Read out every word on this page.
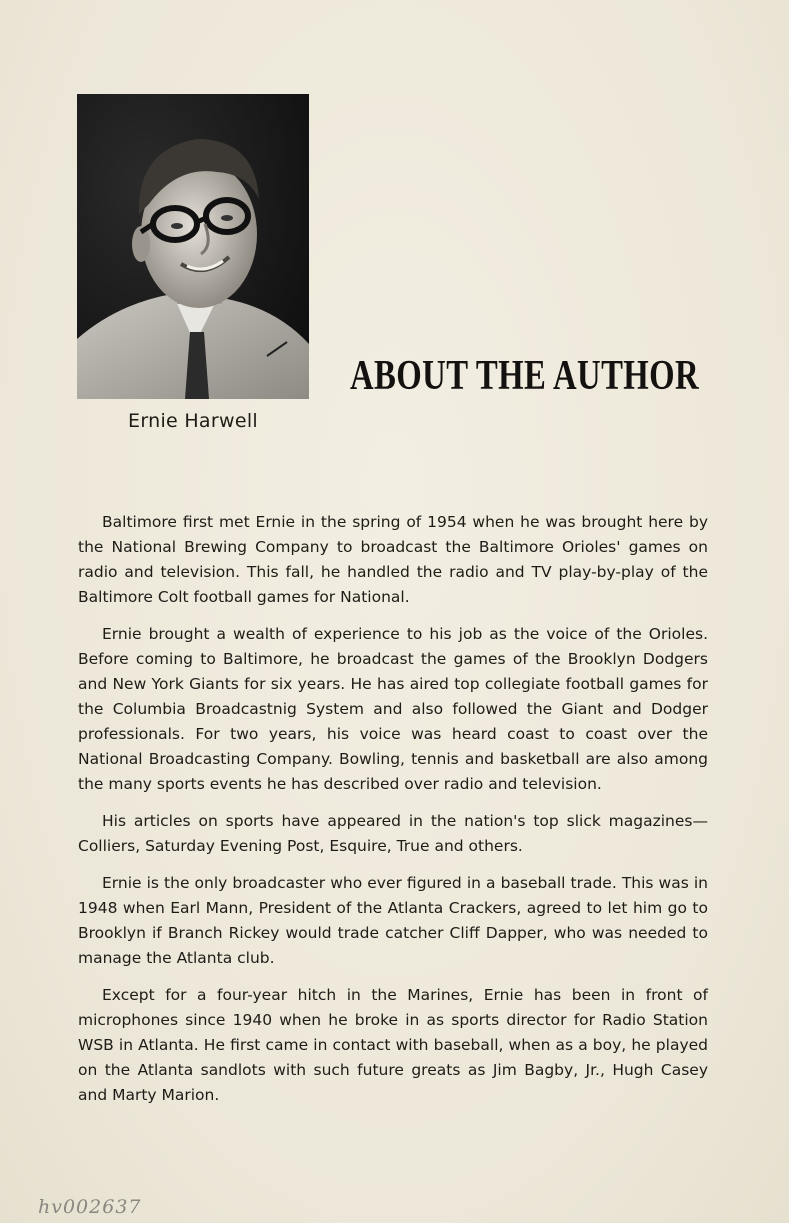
Ernie Harwell
ABOUT THE AUTHOR

Baltimore first met Ernie in the spring of 1954 when he was brought here by the National Brewing Company to broadcast the Baltimore Orioles' games on radio and television. This fall, he handled the radio and TV play-by-play of the Baltimore Colt football games for National.

Ernie brought a wealth of experience to his job as the voice of the Orioles. Before coming to Baltimore, he broadcast the games of the Brooklyn Dodgers and New York Giants for six years. He has aired top collegiate football games for the Columbia Broadcastnig System and also followed the Giant and Dodger professionals. For two years, his voice was heard coast to coast over the National Broadcasting Company. Bowling, tennis and basketball are also among the many sports events he has described over radio and television.

His articles on sports have appeared in the nation's top slick magazines—Colliers, Saturday Evening Post, Esquire, True and others.

Ernie is the only broadcaster who ever figured in a baseball trade. This was in 1948 when Earl Mann, President of the Atlanta Crackers, agreed to let him go to Brooklyn if Branch Rickey would trade catcher Cliff Dapper, who was needed to manage the Atlanta club.

Except for a four-year hitch in the Marines, Ernie has been in front of microphones since 1940 when he broke in as sports director for Radio Station WSB in Atlanta. He first came in contact with baseball, when as a boy, he played on the Atlanta sandlots with such future greats as Jim Bagby, Jr., Hugh Casey and Marty Marion.

hv002637
